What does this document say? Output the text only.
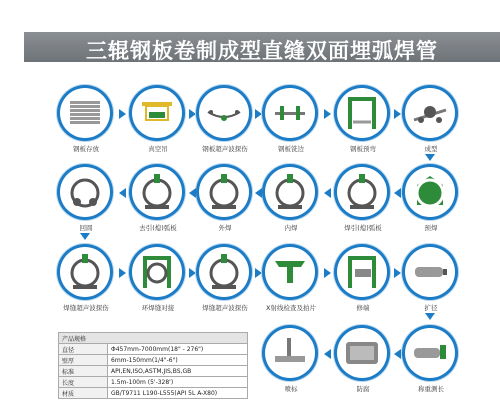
三辊钢板卷制成型直缝双面埋弧焊管
钢板存放	真空吊	钢板超声波探伤	钢板铣边	钢板预弯	成型
预焊
焊引(熄)弧板
内焊
外焊
去引(熄)弧板
回圆
焊缝超声波探伤	环焊缝对接	焊缝超声波探伤	X射线检查及拍片	修端	扩径
称重测长
防腐
喷标
产品规格	
直径	Φ457mm-7000mm(18" - 276")
壁厚	6mm-150mm(1/4"-6")
标准	API,EN,ISO,ASTM,JIS,BS,GB
长度	1.5m-100m (5'-328')
材质	GB/T9711 L190-L555(API 5L A-X80)
